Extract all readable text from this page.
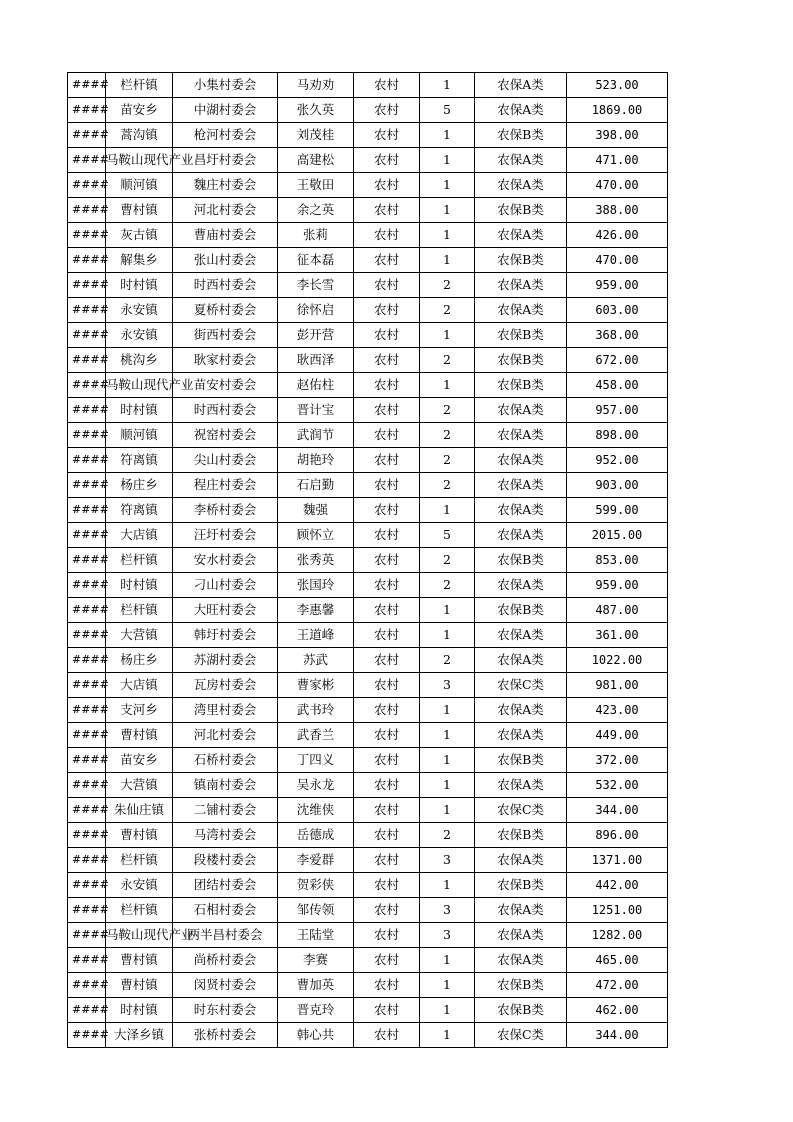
####	栏杆镇	小集村委会	马劝劝	农村	1	农保A类	523.00
####	苗安乡	中湖村委会	张久英	农村	5	农保A类	1869.00
####	蒿沟镇	枪河村委会	刘茂桂	农村	1	农保B类	398.00
####	马鞍山现代产业	昌圩村委会	高建松	农村	1	农保A类	471.00
####	顺河镇	魏庄村委会	王敬田	农村	1	农保A类	470.00
####	曹村镇	河北村委会	余之英	农村	1	农保B类	388.00
####	灰古镇	曹庙村委会	张莉	农村	1	农保A类	426.00
####	解集乡	张山村委会	征本磊	农村	1	农保B类	470.00
####	时村镇	时西村委会	李长雪	农村	2	农保A类	959.00
####	永安镇	夏桥村委会	徐怀启	农村	2	农保A类	603.00
####	永安镇	街西村委会	彭开营	农村	1	农保B类	368.00
####	桃沟乡	耿家村委会	耿西泽	农村	2	农保B类	672.00
####	马鞍山现代产业	苗安村委会	赵佑柱	农村	1	农保B类	458.00
####	时村镇	时西村委会	晋计宝	农村	2	农保A类	957.00
####	顺河镇	祝窑村委会	武润节	农村	2	农保A类	898.00
####	符离镇	尖山村委会	胡艳玲	农村	2	农保A类	952.00
####	杨庄乡	程庄村委会	石启勤	农村	2	农保A类	903.00
####	符离镇	李桥村委会	魏强	农村	1	农保A类	599.00
####	大店镇	汪圩村委会	顾怀立	农村	5	农保A类	2015.00
####	栏杆镇	安水村委会	张秀英	农村	2	农保B类	853.00
####	时村镇	刁山村委会	张国玲	农村	2	农保A类	959.00
####	栏杆镇	大旺村委会	李惠馨	农村	1	农保B类	487.00
####	大营镇	韩圩村委会	王道峰	农村	1	农保A类	361.00
####	杨庄乡	苏湖村委会	苏武	农村	2	农保A类	1022.00
####	大店镇	瓦房村委会	曹家彬	农村	3	农保C类	981.00
####	支河乡	湾里村委会	武书玲	农村	1	农保A类	423.00
####	曹村镇	河北村委会	武香兰	农村	1	农保A类	449.00
####	苗安乡	石桥村委会	丁四义	农村	1	农保B类	372.00
####	大营镇	镇南村委会	吴永龙	农村	1	农保A类	532.00
####	朱仙庄镇	二铺村委会	沈维侠	农村	1	农保C类	344.00
####	曹村镇	马湾村委会	岳德成	农村	2	农保B类	896.00
####	栏杆镇	段楼村委会	李爱群	农村	3	农保A类	1371.00
####	永安镇	团结村委会	贺彩侠	农村	1	农保B类	442.00
####	栏杆镇	石相村委会	邹传领	农村	3	农保A类	1251.00
####	马鞍山现代产业	两半昌村委会	王陆堂	农村	3	农保A类	1282.00
####	曹村镇	尚桥村委会	李赛	农村	1	农保A类	465.00
####	曹村镇	闵贤村委会	曹加英	农村	1	农保B类	472.00
####	时村镇	时东村委会	晋克玲	农村	1	农保B类	462.00
####	大泽乡镇	张桥村委会	韩心共	农村	1	农保C类	344.00
